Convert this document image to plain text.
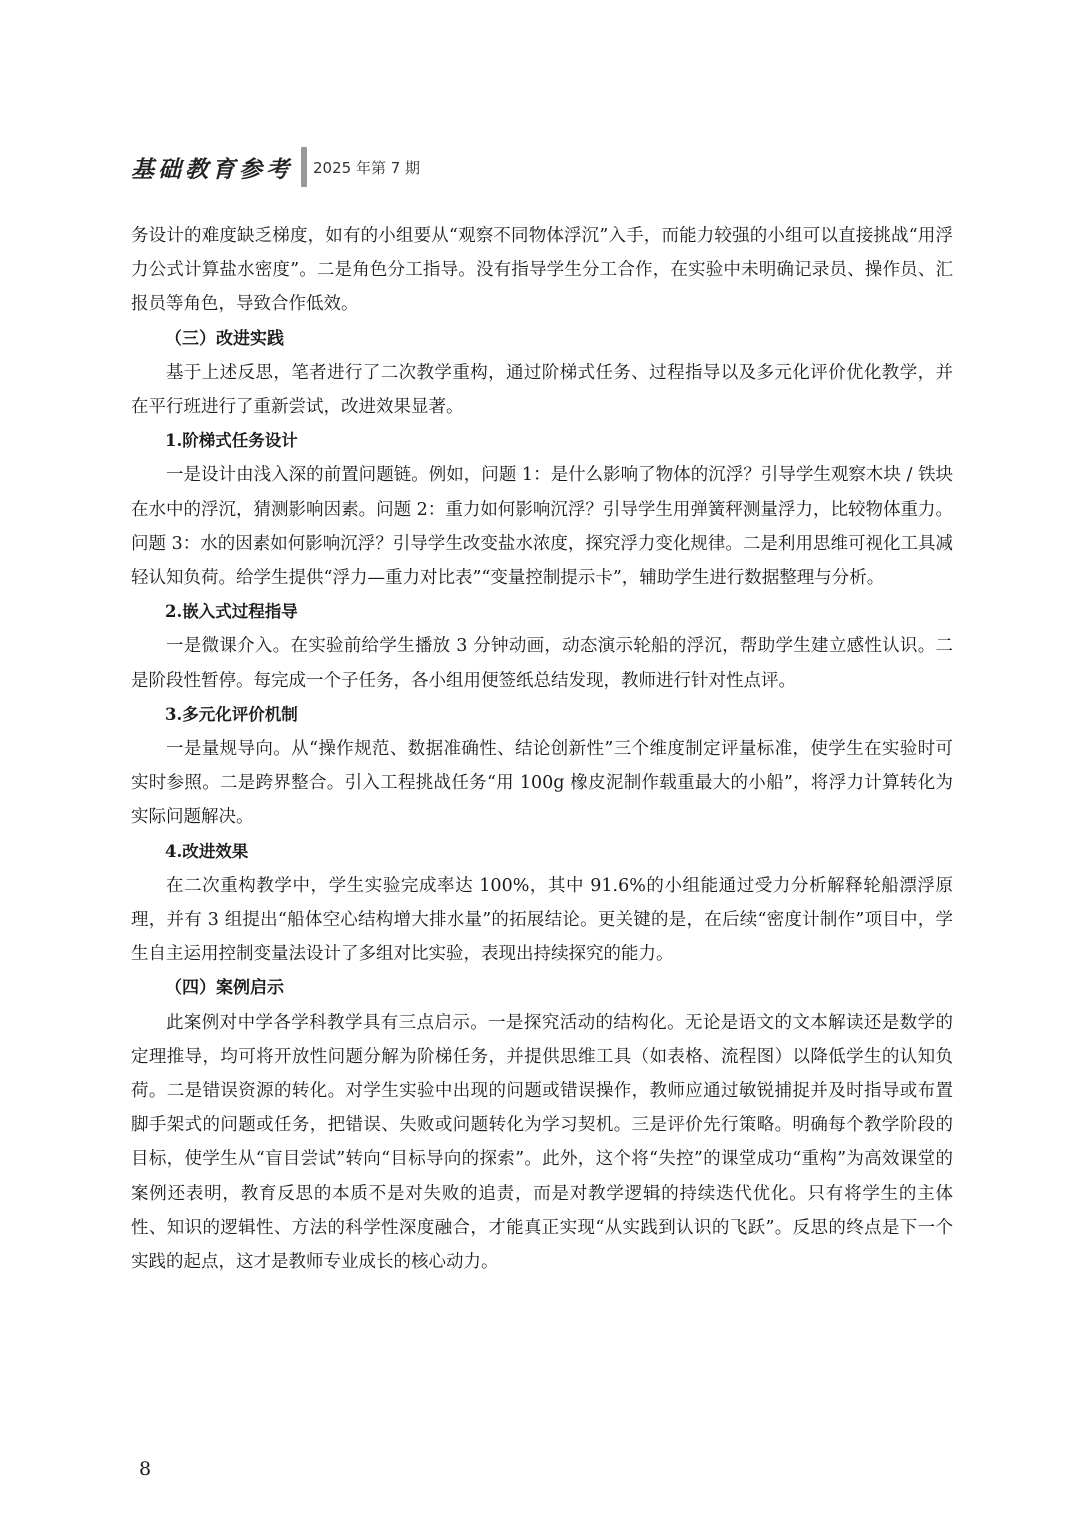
基础教育参考 2025 年第 7 期

务设计的难度缺乏梯度，如有的小组要从“观察不同物体浮沉”入手，而能力较强的小组可以直接挑战“用浮力公式计算盐水密度”。二是角色分工指导。没有指导学生分工合作，在实验中未明确记录员、操作员、汇报员等角色，导致合作低效。

（三）改进实践

基于上述反思，笔者进行了二次教学重构，通过阶梯式任务、过程指导以及多元化评价优化教学，并在平行班进行了重新尝试，改进效果显著。

1.阶梯式任务设计

一是设计由浅入深的前置问题链。例如，问题 1：是什么影响了物体的沉浮？引导学生观察木块 / 铁块在水中的浮沉，猜测影响因素。问题 2：重力如何影响沉浮？引导学生用弹簧秤测量浮力，比较物体重力。问题 3：水的因素如何影响沉浮？引导学生改变盐水浓度，探究浮力变化规律。二是利用思维可视化工具减轻认知负荷。给学生提供“浮力—重力对比表”“变量控制提示卡”，辅助学生进行数据整理与分析。

2.嵌入式过程指导

一是微课介入。在实验前给学生播放 3 分钟动画，动态演示轮船的浮沉，帮助学生建立感性认识。二是阶段性暂停。每完成一个子任务，各小组用便签纸总结发现，教师进行针对性点评。

3.多元化评价机制

一是量规导向。从“操作规范、数据准确性、结论创新性”三个维度制定评量标准，使学生在实验时可实时参照。二是跨界整合。引入工程挑战任务“用 100g 橡皮泥制作载重最大的小船”，将浮力计算转化为实际问题解决。

4.改进效果

在二次重构教学中，学生实验完成率达 100%，其中 91.6%的小组能通过受力分析解释轮船漂浮原理，并有 3 组提出“船体空心结构增大排水量”的拓展结论。更关键的是，在后续“密度计制作”项目中，学生自主运用控制变量法设计了多组对比实验，表现出持续探究的能力。

（四）案例启示

此案例对中学各学科教学具有三点启示。一是探究活动的结构化。无论是语文的文本解读还是数学的定理推导，均可将开放性问题分解为阶梯任务，并提供思维工具（如表格、流程图）以降低学生的认知负荷。二是错误资源的转化。对学生实验中出现的问题或错误操作，教师应通过敏锐捕捉并及时指导或布置脚手架式的问题或任务，把错误、失败或问题转化为学习契机。三是评价先行策略。明确每个教学阶段的目标，使学生从“盲目尝试”转向“目标导向的探索”。此外，这个将“失控”的课堂成功“重构”为高效课堂的案例还表明，教育反思的本质不是对失败的追责，而是对教学逻辑的持续迭代优化。只有将学生的主体性、知识的逻辑性、方法的科学性深度融合，才能真正实现“从实践到认识的飞跃”。反思的终点是下一个实践的起点，这才是教师专业成长的核心动力。

8
